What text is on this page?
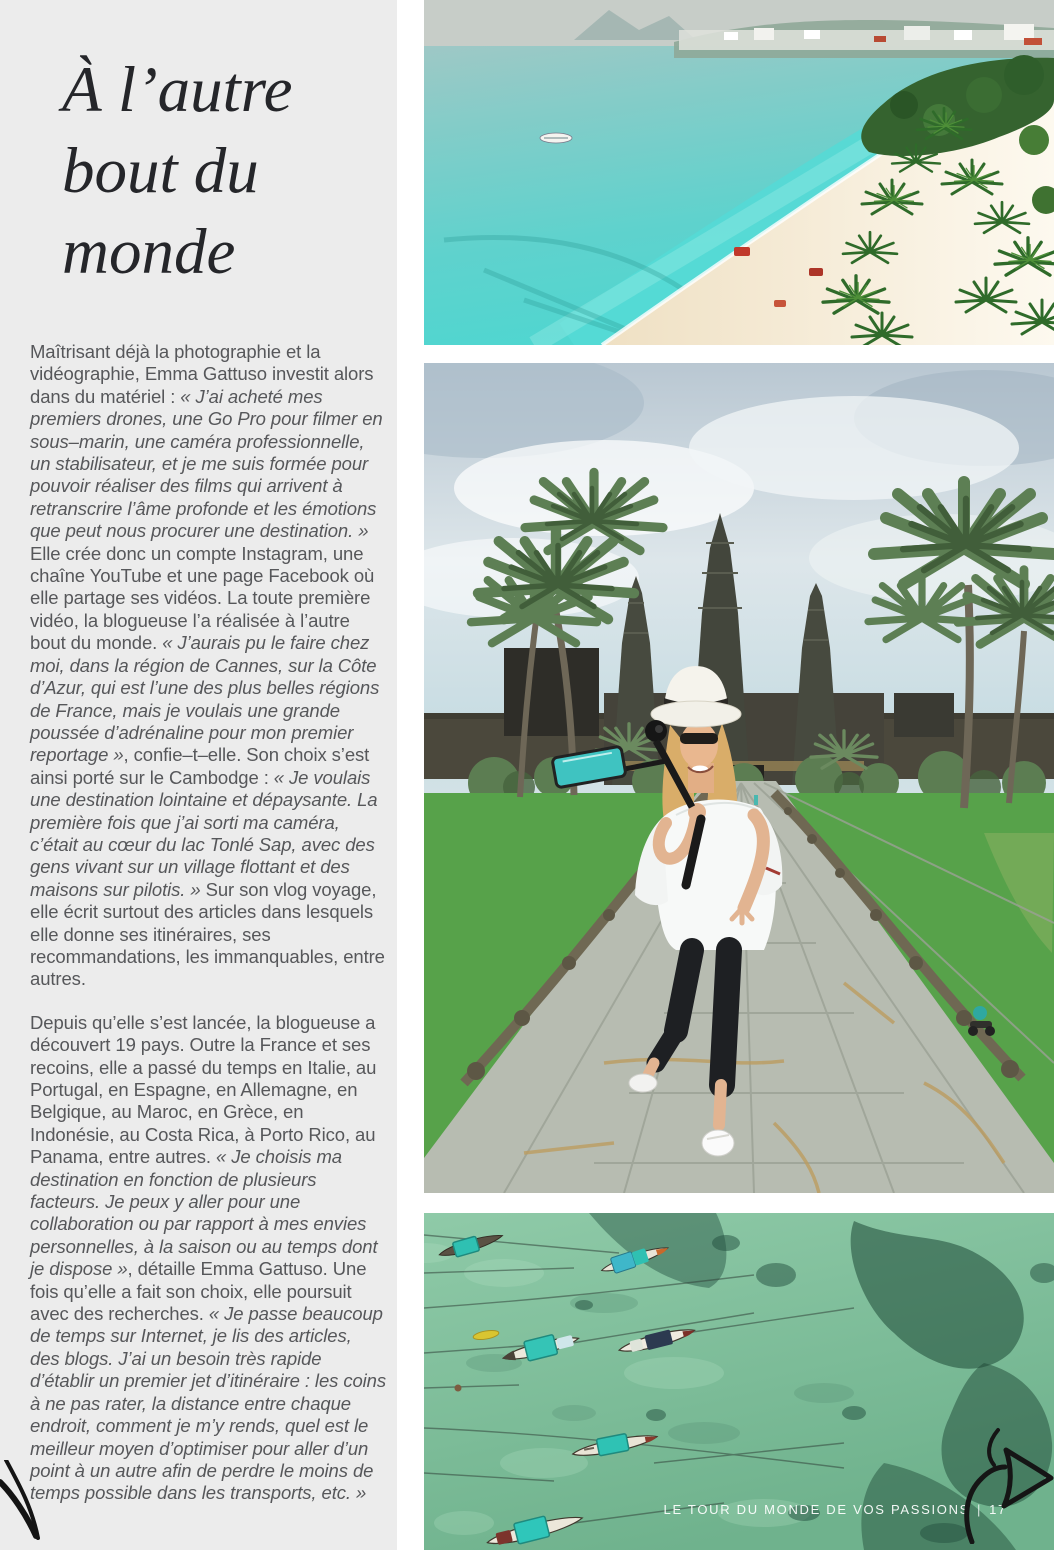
À l’autre
bout du
monde

Maîtrisant déjà la photographie et la vidéographie, Emma Gattuso investit alors dans du matériel : « J’ai acheté mes premiers drones, une Go Pro pour filmer en sous–marin, une caméra professionnelle, un stabilisateur, et je me suis formée pour pouvoir réaliser des films qui arrivent à retranscrire l’âme profonde et les émotions que peut nous procurer une destination. » Elle crée donc un compte Instagram, une chaîne YouTube et une page Facebook où elle partage ses vidéos. La toute première vidéo, la blogueuse l’a réalisée à l’autre bout du monde. « J’aurais pu le faire chez moi, dans la région de Cannes, sur la Côte d’Azur, qui est l’une des plus belles régions de France, mais je voulais une grande poussée d’adrénaline pour mon premier reportage », confie–t–elle. Son choix s’est ainsi porté sur le Cambodge : « Je voulais une destination lointaine et dépaysante. La première fois que j’ai sorti ma caméra, c’était au cœur du lac Tonlé Sap, avec des gens vivant sur un village flottant et des maisons sur pilotis. » Sur son vlog voyage, elle écrit surtout des articles dans lesquels elle donne ses itinéraires, ses recommandations, les immanquables, entre autres.

Depuis qu’elle s’est lancée, la blogueuse a découvert 19 pays. Outre la France et ses recoins, elle a passé du temps en Italie, au Portugal, en Espagne, en Allemagne, en Belgique, au Maroc, en Grèce, en Indonésie, au Costa Rica, à Porto Rico, au Panama, entre autres. « Je choisis ma destination en fonction de plusieurs facteurs. Je peux y aller pour une collaboration ou par rapport à mes envies personnelles, à la saison ou au temps dont je dispose », détaille Emma Gattuso. Une fois qu’elle a fait son choix, elle poursuit avec des recherches. « Je passe beaucoup de temps sur Internet, je lis des articles, des blogs. J’ai un besoin très rapide d’établir un premier jet d’itinéraire : les coins à ne pas rater, la distance entre chaque endroit, comment je m’y rends, quel est le meilleur moyen d’optimiser pour aller d’un point à un autre afin de perdre le moins de temps possible dans les transports, etc. »

LE TOUR DU MONDE DE VOS PASSIONS | 17
